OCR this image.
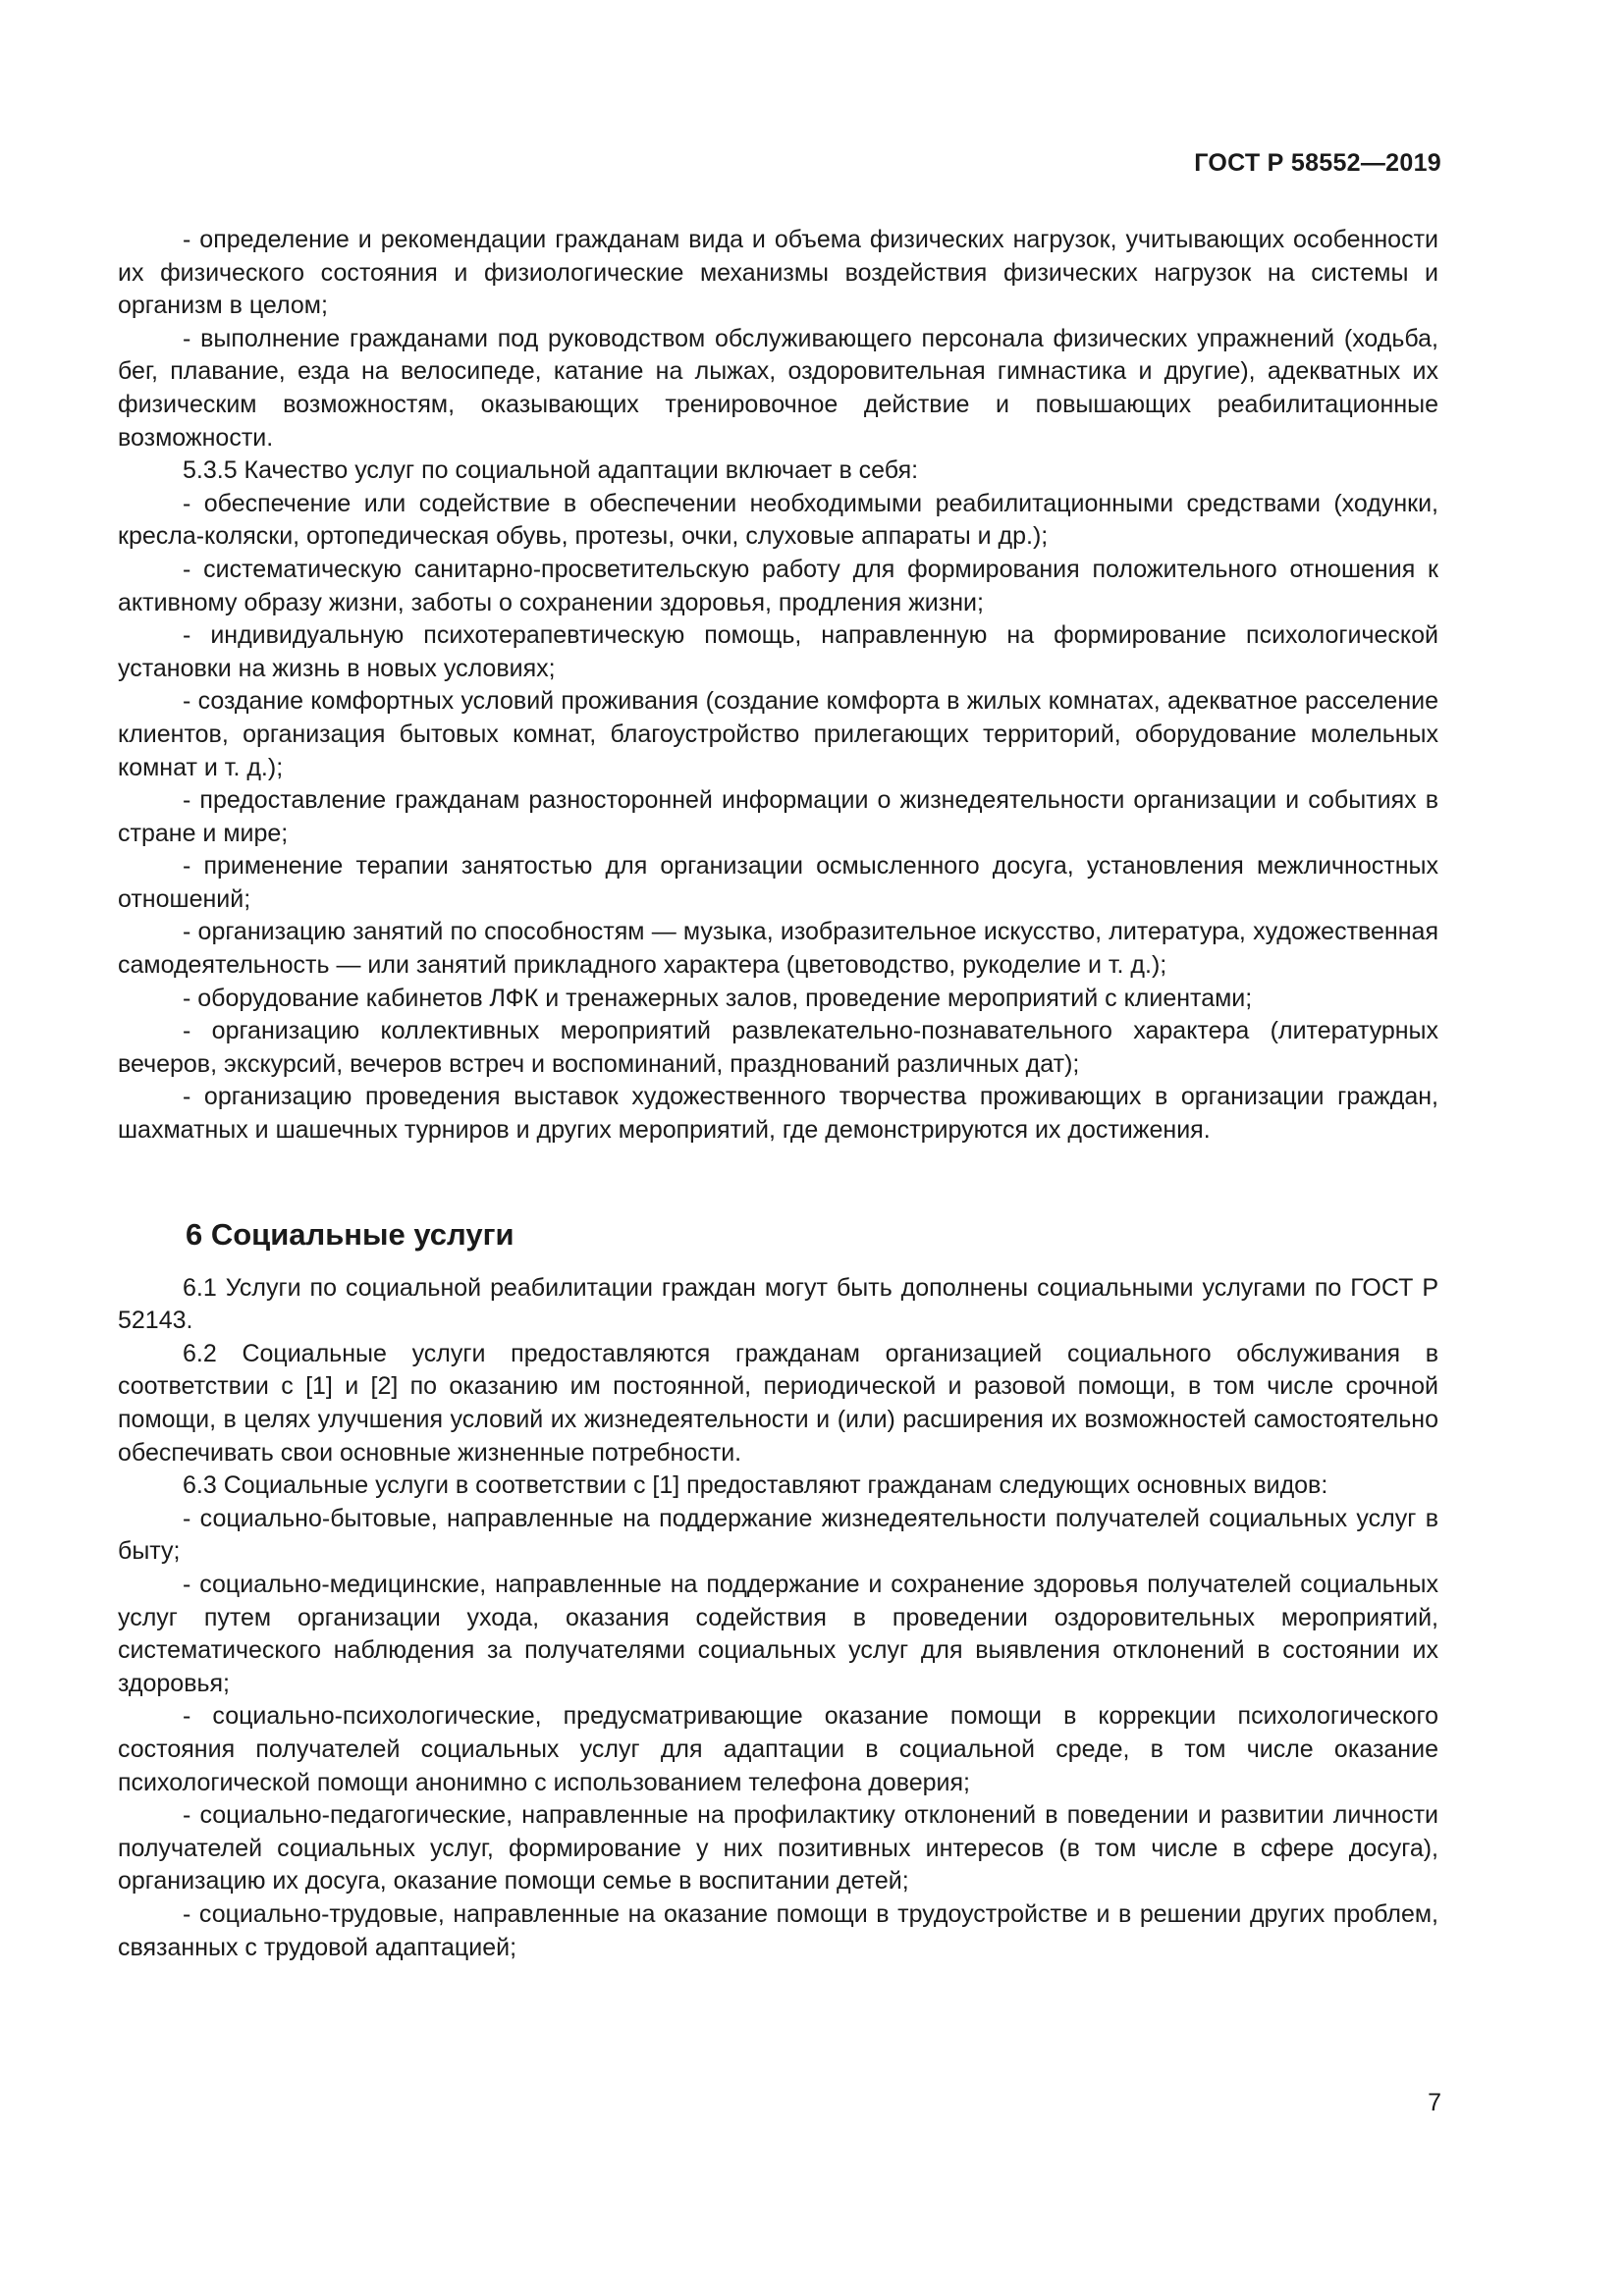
ГОСТ Р 58552—2019

- определение и рекомендации гражданам вида и объема физических нагрузок, учитывающих особенности их физического состояния и физиологические механизмы воздействия физических нагрузок на системы и организм в целом;

- выполнение гражданами под руководством обслуживающего персонала физических упражнений (ходьба, бег, плавание, езда на велосипеде, катание на лыжах, оздоровительная гимнастика и другие), адекватных их физическим возможностям, оказывающих тренировочное действие и повышающих реабилитационные возможности.

5.3.5 Качество услуг по социальной адаптации включает в себя:

- обеспечение или содействие в обеспечении необходимыми реабилитационными средствами (ходунки, кресла-коляски, ортопедическая обувь, протезы, очки, слуховые аппараты и др.);

- систематическую санитарно-просветительскую работу для формирования положительного отношения к активному образу жизни, заботы о сохранении здоровья, продления жизни;

- индивидуальную психотерапевтическую помощь, направленную на формирование психологической установки на жизнь в новых условиях;

- создание комфортных условий проживания (создание комфорта в жилых комнатах, адекватное расселение клиентов, организация бытовых комнат, благоустройство прилегающих территорий, оборудование молельных комнат и т. д.);

- предоставление гражданам разносторонней информации о жизнедеятельности организации и событиях в стране и мире;

- применение терапии занятостью для организации осмысленного досуга, установления межличностных отношений;

- организацию занятий по способностям — музыка, изобразительное искусство, литература, художественная самодеятельность — или занятий прикладного характера (цветоводство, рукоделие и т. д.);

- оборудование кабинетов ЛФК и тренажерных залов, проведение мероприятий с клиентами;

- организацию коллективных мероприятий развлекательно-познавательного характера (литературных вечеров, экскурсий, вечеров встреч и воспоминаний, празднований различных дат);

- организацию проведения выставок художественного творчества проживающих в организации граждан, шахматных и шашечных турниров и других мероприятий, где демонстрируются их достижения.

6 Социальные услуги

6.1 Услуги по социальной реабилитации граждан могут быть дополнены социальными услугами по ГОСТ Р 52143.

6.2 Социальные услуги предоставляются гражданам организацией социального обслуживания в соответствии с [1] и [2] по оказанию им постоянной, периодической и разовой помощи, в том числе срочной помощи, в целях улучшения условий их жизнедеятельности и (или) расширения их возможностей самостоятельно обеспечивать свои основные жизненные потребности.

6.3 Социальные услуги в соответствии с [1] предоставляют гражданам следующих основных видов:

- социально-бытовые, направленные на поддержание жизнедеятельности получателей социальных услуг в быту;

- социально-медицинские, направленные на поддержание и сохранение здоровья получателей социальных услуг путем организации ухода, оказания содействия в проведении оздоровительных мероприятий, систематического наблюдения за получателями социальных услуг для выявления отклонений в состоянии их здоровья;

- социально-психологические, предусматривающие оказание помощи в коррекции психологического состояния получателей социальных услуг для адаптации в социальной среде, в том числе оказание психологической помощи анонимно с использованием телефона доверия;

- социально-педагогические, направленные на профилактику отклонений в поведении и развитии личности получателей социальных услуг, формирование у них позитивных интересов (в том числе в сфере досуга), организацию их досуга, оказание помощи семье в воспитании детей;

- социально-трудовые, направленные на оказание помощи в трудоустройстве и в решении других проблем, связанных с трудовой адаптацией;

7
